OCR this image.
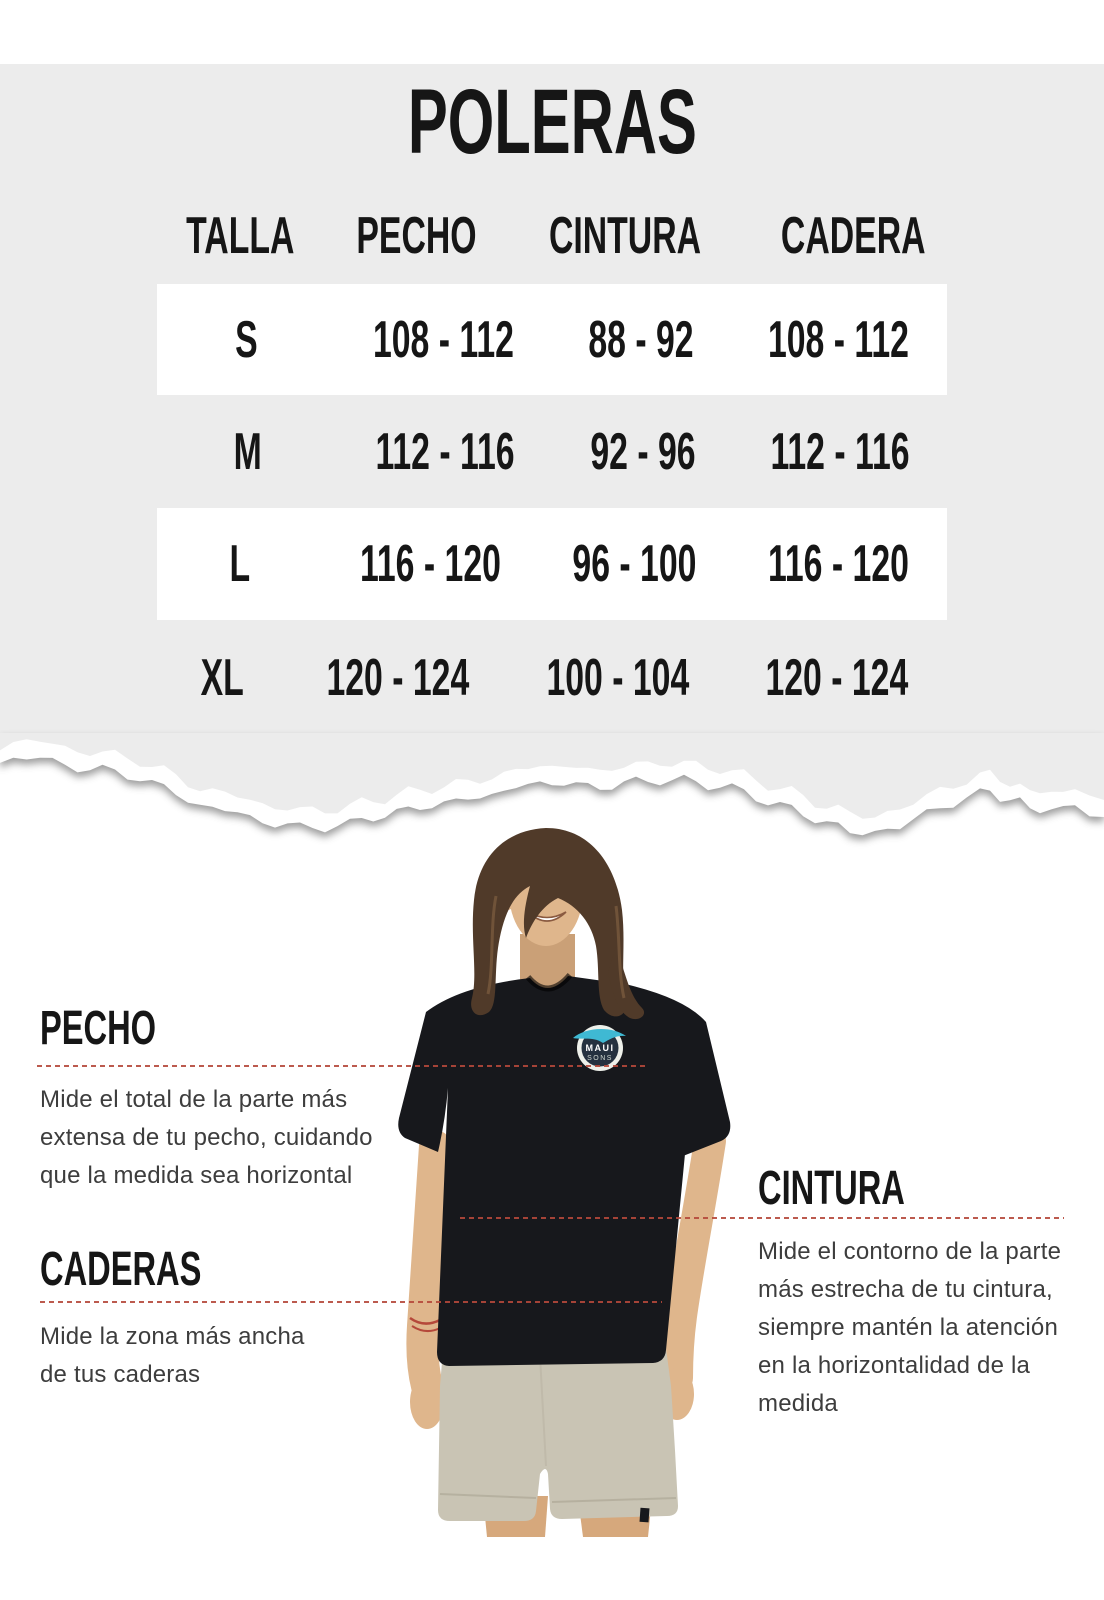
POLERAS
TALLA PECHO CINTURA CADERA
S 108 - 112 88 - 92 108 - 112
M 112 - 116 92 - 96 112 - 116
L 116 - 120 96 - 100 116 - 120
XL 120 - 124 100 - 104 120 - 124
MAUI
SONS
PECHO
Mide el total de la parte más
extensa de tu pecho, cuidando
que la medida sea horizontal
CADERAS
Mide la zona más ancha
de tus caderas
CINTURA
Mide el contorno de la parte
más estrecha de tu cintura,
siempre mantén la atención
en la horizontalidad de la
medida
